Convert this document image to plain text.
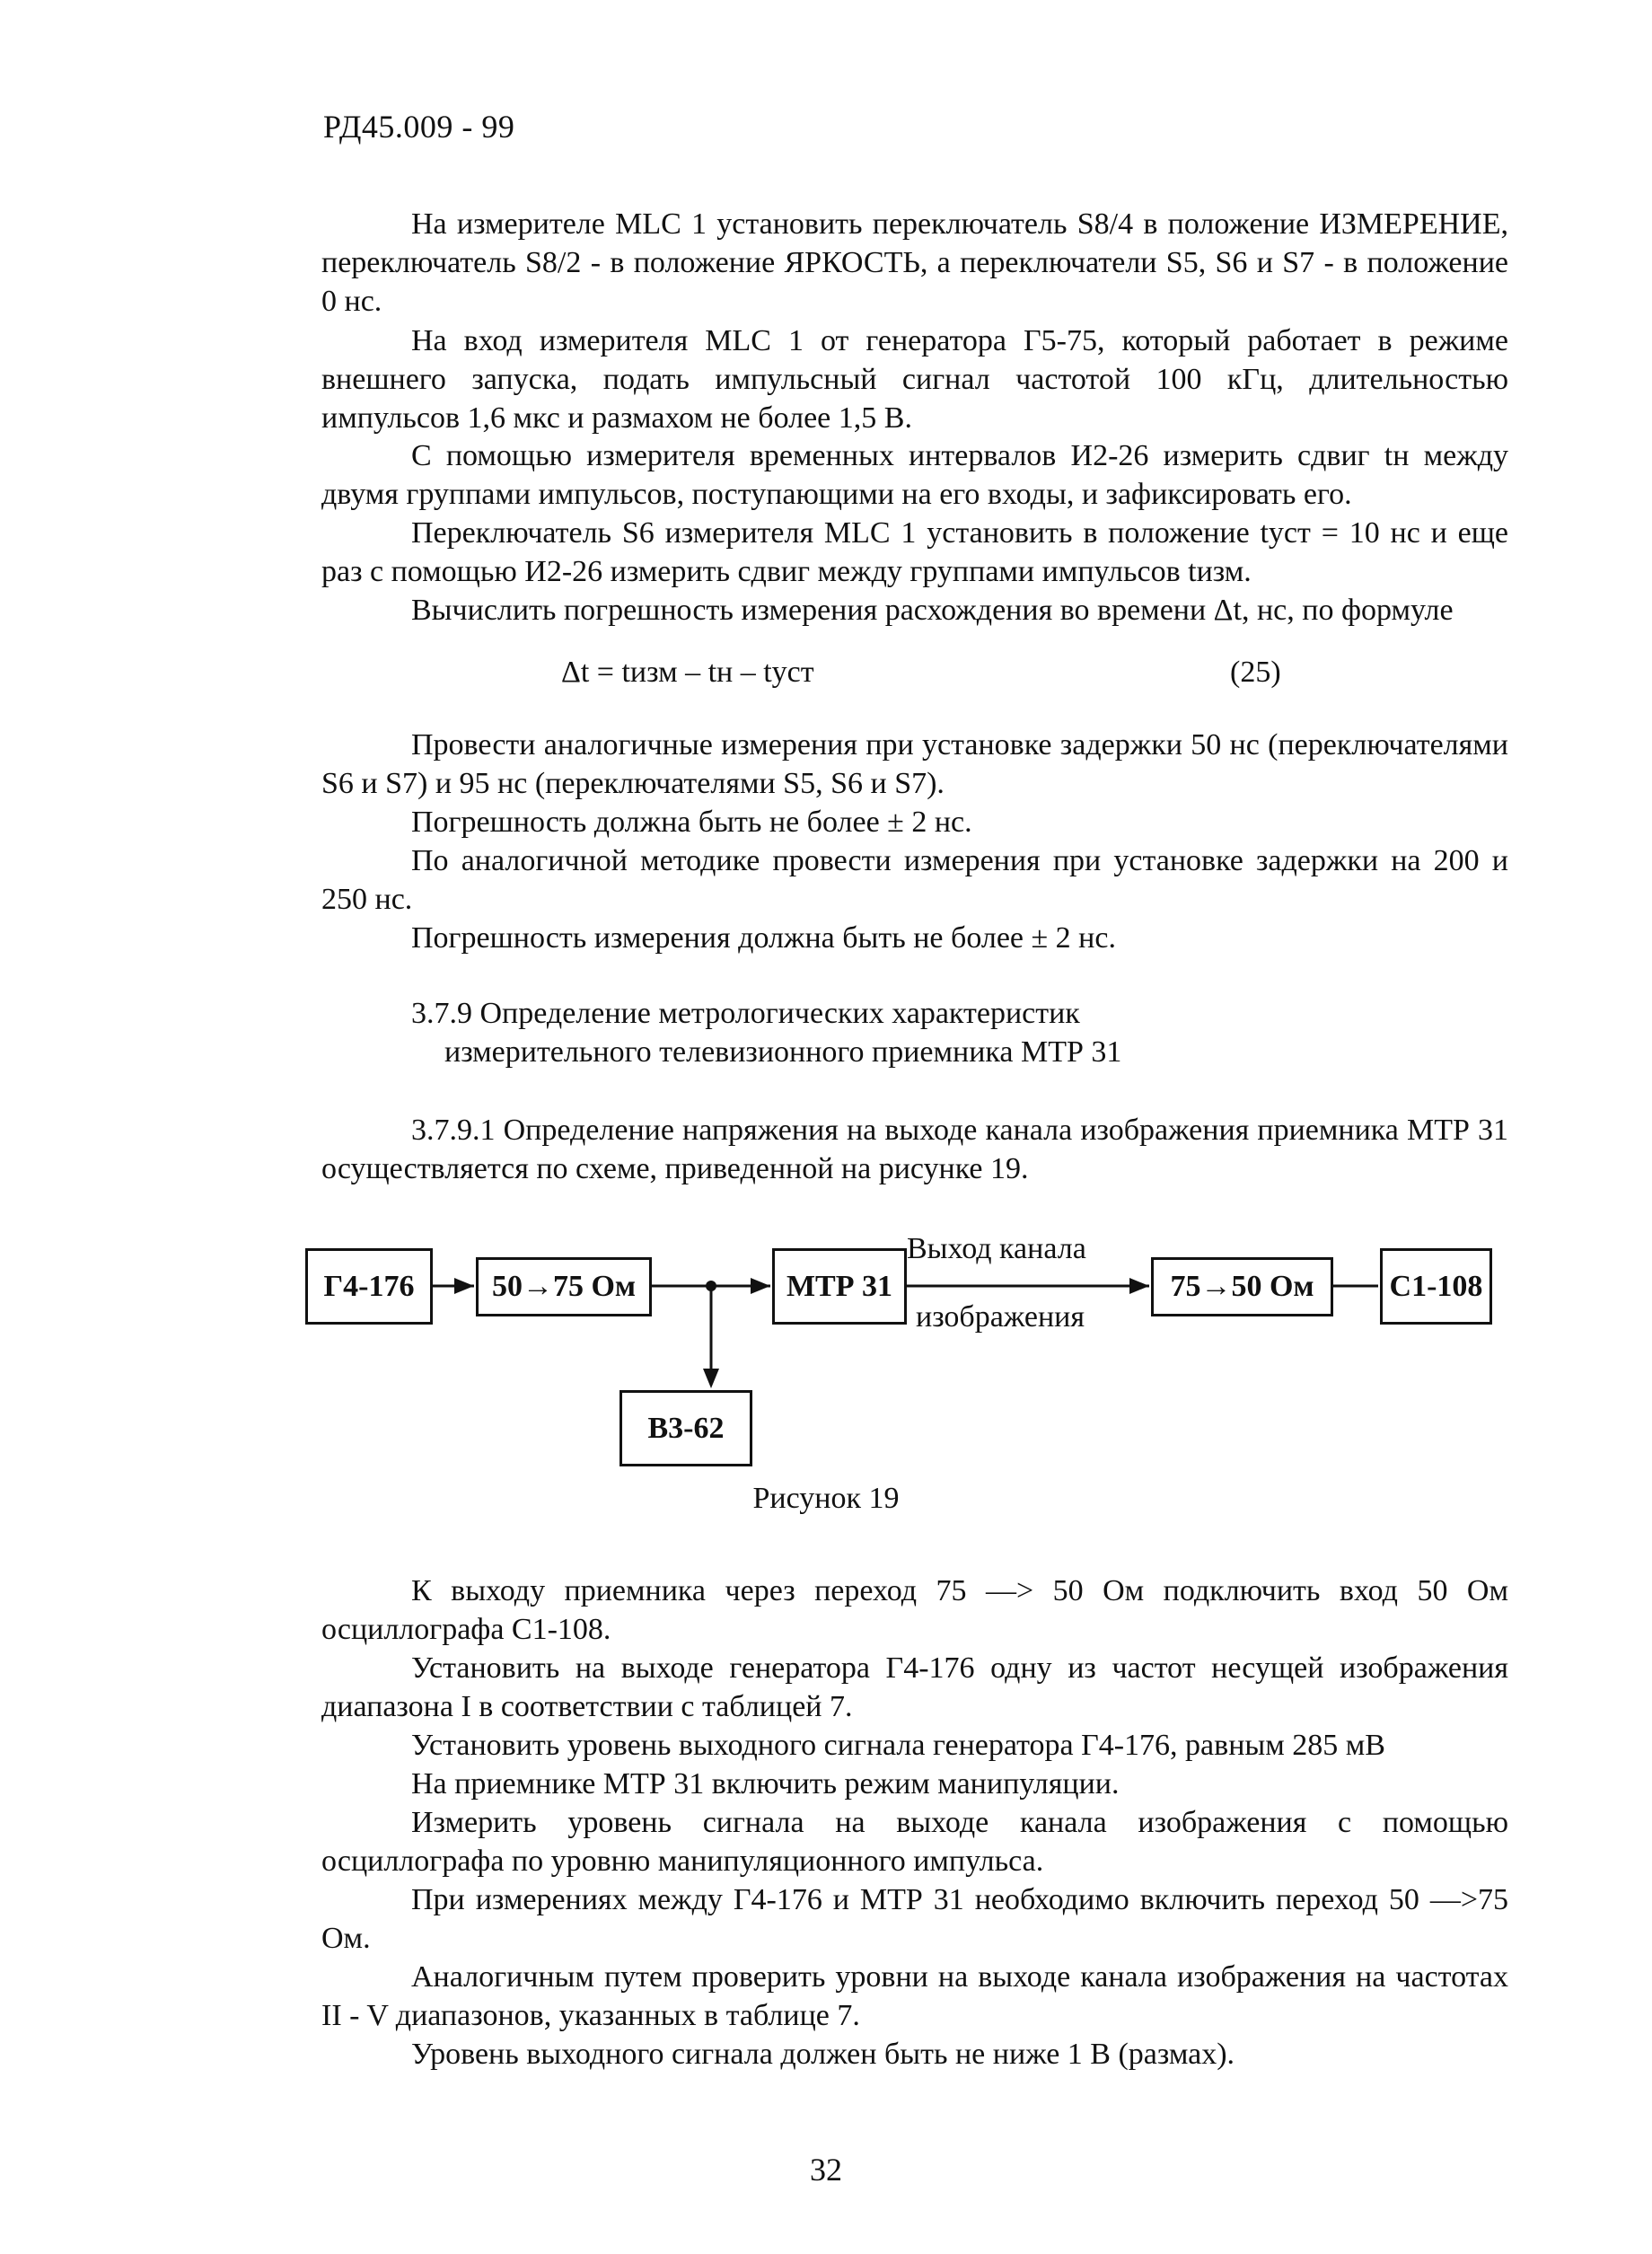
РД45.009 - 99

На измерителе MLC 1 установить переключатель S8/4 в положение ИЗМЕРЕНИЕ, переключатель S8/2 - в положение ЯРКОСТЬ, а переключатели S5, S6 и S7 - в положение 0 нс.

На вход измерителя MLC 1 от генератора Г5-75, который работает в режиме внешнего запуска, подать импульсный сигнал частотой 100 кГц, длительностью импульсов 1,6 мкс и размахом не более 1,5 В.

С помощью измерителя временных интервалов И2-26 измерить сдвиг tн между двумя группами импульсов, поступающими на его входы, и зафиксировать его.

Переключатель S6 измерителя MLC 1 установить в положение tуст = 10 нс и еще раз с помощью И2-26 измерить сдвиг между группами импульсов tизм.

Вычислить погрешность измерения расхождения во времени Δt, нс, по формуле

Δt = tизм – tн – tуст	(25)

Провести аналогичные измерения при установке задержки 50 нс (переключателями S6 и S7) и 95 нс (переключателями S5, S6 и S7).

Погрешность должна быть не более ± 2 нс.

По аналогичной методике провести измерения при установке задержки на 200 и 250 нс.

Погрешность измерения должна быть не более ± 2 нс.

3.7.9 Определение метрологических характеристик
измерительного телевизионного приемника МТР 31

3.7.9.1 Определение напряжения на выходе канала изображения приемника МТР 31 осуществляется по схеме, приведенной на рисунке 19.

Г4-176	50→75 Ом	МТР 31	75→50 Ом	С1-108
В3-62
Выход канала
изображения
Рисунок 19

К выходу приемника через переход 75 —> 50 Ом подключить вход 50 Ом осциллографа С1-108.

Установить на выходе генератора Г4-176 одну из частот несущей изображения диапазона I в соответствии с таблицей 7.

Установить уровень выходного сигнала генератора Г4-176, равным 285 мВ

На приемнике МТР 31 включить режим манипуляции.

Измерить уровень сигнала на выходе канала изображения с помощью осциллографа по уровню манипуляционного импульса.

При измерениях между Г4-176 и МТР 31 необходимо включить переход 50 —>75 Ом.

Аналогичным путем проверить уровни на выходе канала изображения на частотах II - V диапазонов, указанных в таблице 7.

Уровень выходного сигнала должен быть не ниже 1 В (размах).

32
